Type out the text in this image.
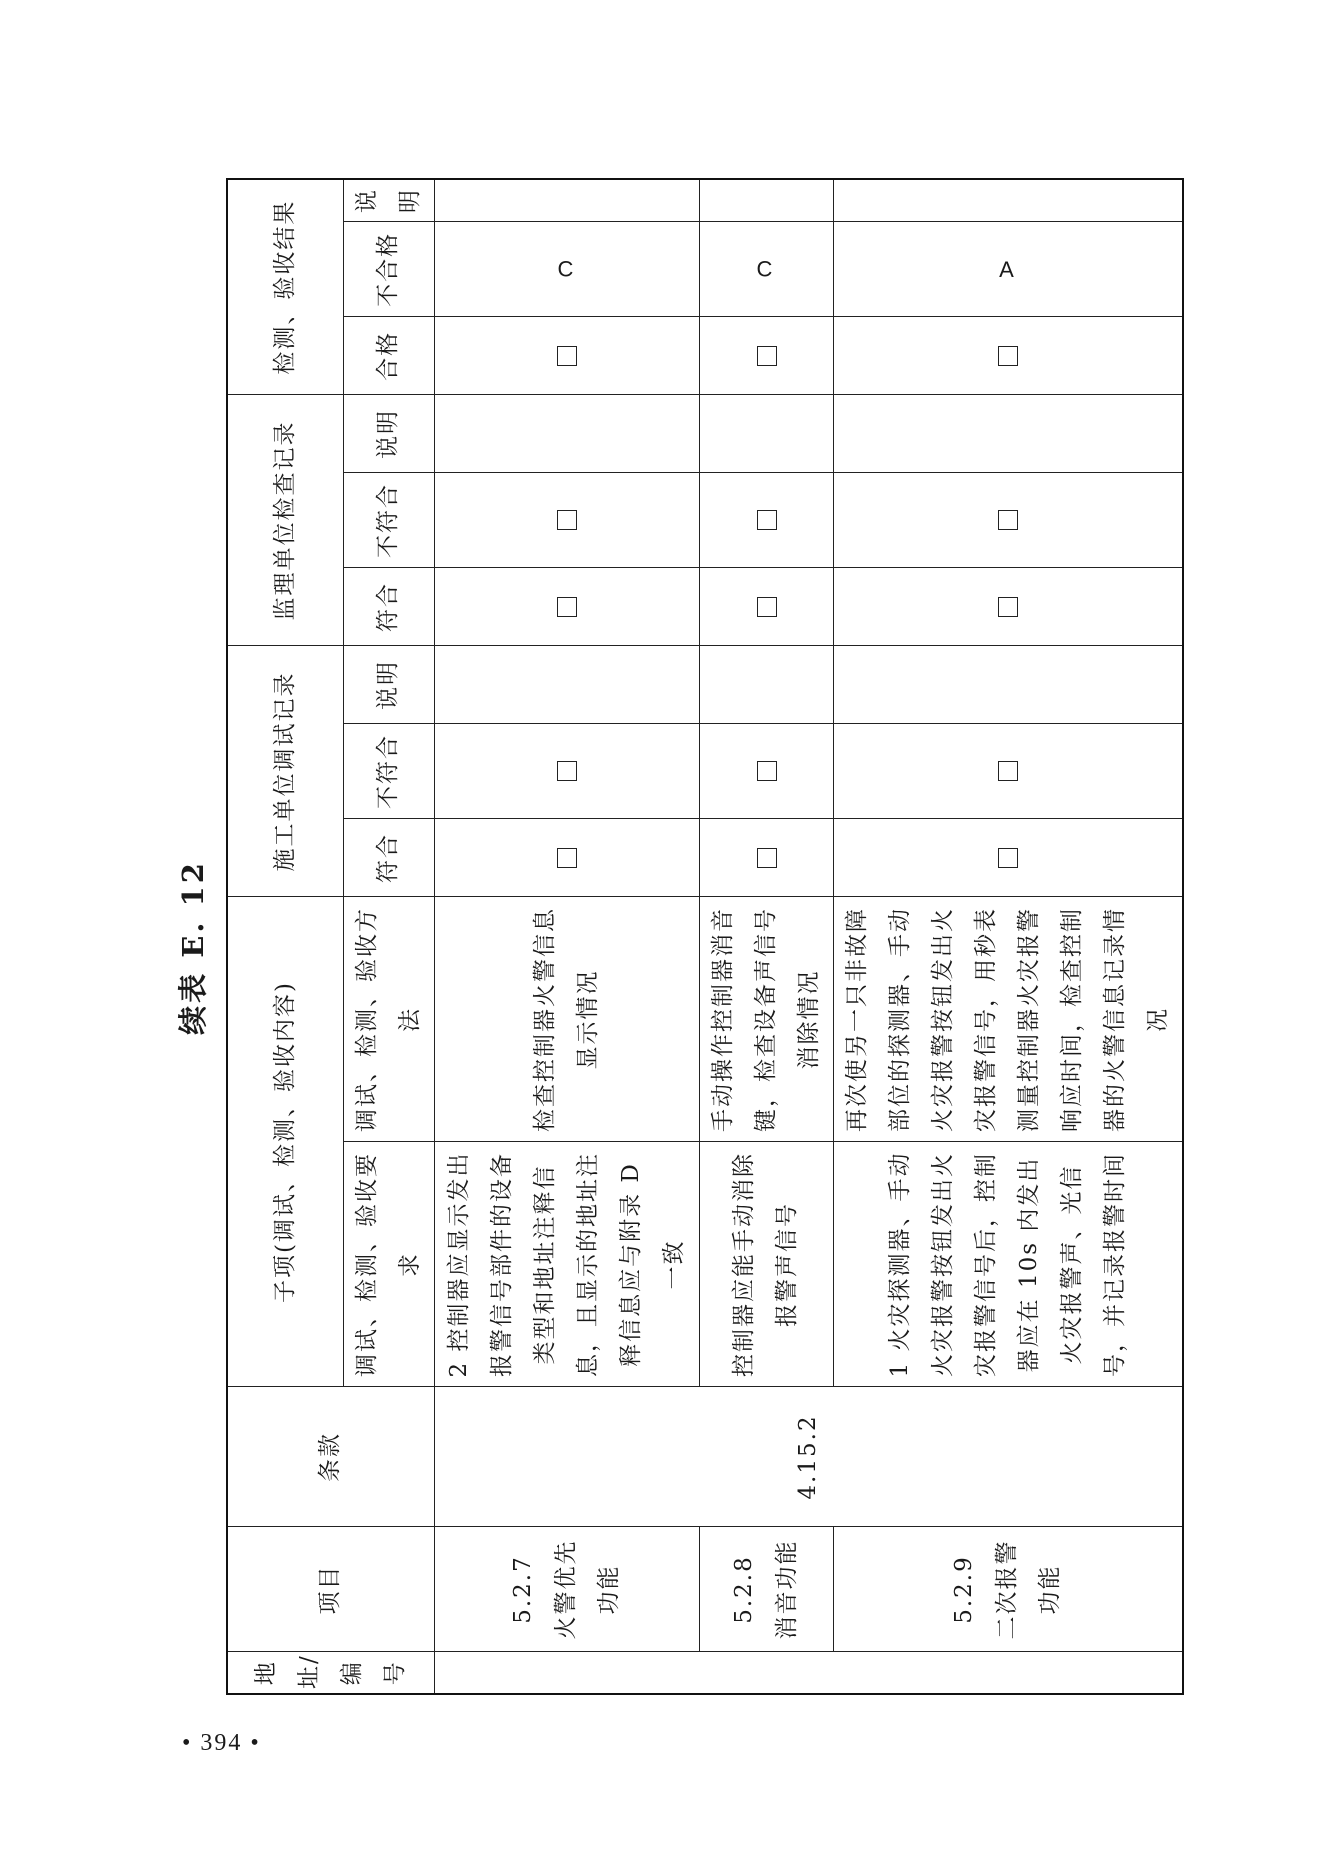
• 394 •
续表 E. 12
地址/编号	项目	条款	子项(调试、检测、验收内容)		施工单位调试记录			监理单位检查记录			检测、验收结果		
			调试、检测、验收要求	调试、检测、验收方法	符合	不符合	说明	符合	不符合	说明	合格	不合格	说明
	5.2.7 火警优先功能	4.15.2	2 控制器应显示发出报警信号部件的设备类型和地址注释信息，且显示的地址注释信息应与附录 D 一致	检查控制器火警信息显示情况								C	
	5.2.8 消音功能		控制器应能手动消除报警声信号	手动操作控制器消音键，检查设备声信号消除情况								C	
	5.2.9 二次报警功能		1 火灾探测器、手动火灾报警按钮发出火灾报警信号后，控制器应在 10s 内发出火灾报警声、光信号，并记录报警时间	再次使另一只非故障部位的探测器、手动火灾报警按钮发出火灾报警信号，用秒表测量控制器火灾报警响应时间，检查控制器的火警信息记录情况								A	
